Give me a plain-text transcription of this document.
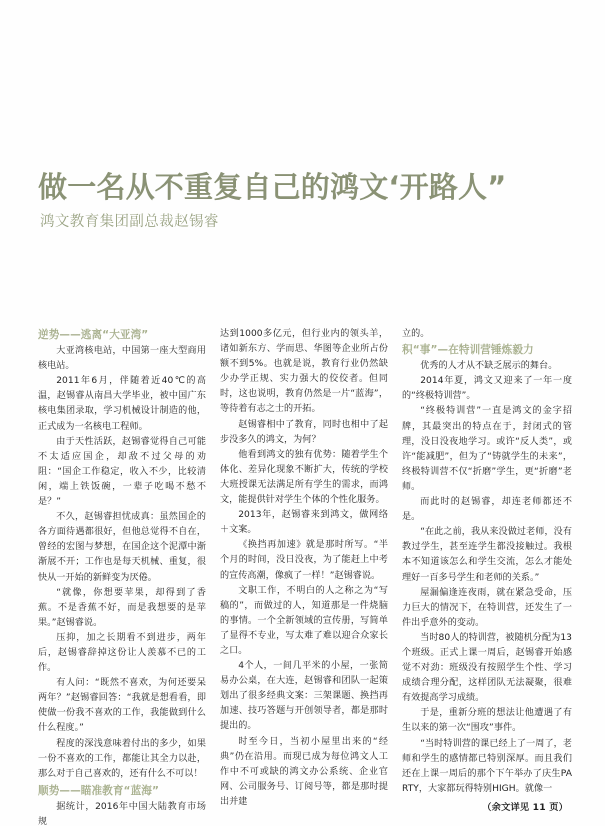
做一名从不重复自己的鸿文‘开路人”
鸿文教育集团副总裁赵锡睿
逆势——逃离“大亚湾”

大亚湾核电站，中国第一座大型商用核电站。

2011年6月，伴随着近40℃的高温，赵锡睿从南昌大学毕业，被中国广东核电集团录取，学习机械设计制造的他，正式成为一名核电工程师。

由于天性活跃，赵锡睿觉得自己可能不太适应国企，却敌不过父母的劝阻：“国企工作稳定，收入不少，比较清闲，端上铁饭碗，一辈子吃喝不愁不是？”

不久，赵锡睿担忧成真：虽然国企的各方面待遇都很好，但他总觉得不自在，曾经的宏图与梦想，在国企这个泥潭中渐渐展不开；工作也是每天机械、重复，很快从一开始的新鲜变为厌倦。

“就像，你想要苹果，却得到了香蕉。不是香蕉不好，而是我想要的是苹果。”赵锡睿说。

压抑，加之长期看不到进步，两年后，赵锡睿辞掉这份让人羡慕不已的工作。

有人问：“既然不喜欢，为何还要呆两年？”赵锡睿回答：“我就是想看看，即使做一份我不喜欢的工作，我能做到什么什么程度。”

程度的深浅意味着付出的多少，如果一份不喜欢的工作，都能让其全力以赴，那么对于自己喜欢的，还有什么不可以！

顺势——瞄准教育“蓝海”

据统计，2016年中国大陆教育市场规

达到1000多亿元，但行业内的领头羊，诸如新东方、学而思、华图等企业所占份额不到5%。也就是说，教育行业仍然缺少办学正规、实力强大的佼佼者。但同时，这也说明，教育仍然是一片“蓝海”，等待着有志之士的开拓。

赵锡睿相中了教育，同时也相中了起步没多久的鸿文，为何？

他看到鸿文的独有优势：随着学生个体化、差异化现象不断扩大，传统的学校大班授课无法满足所有学生的需求，而鸿文，能提供针对学生个体的个性化服务。

2013年，赵锡睿来到鸿文，做网络＋文案。

《换挡再加速》就是那时所写。“半个月的时间，没日没夜，为了能赶上中考的宣传高潮，像疯了一样！”赵锡睿说。

文职工作，不明白的人之称之为“写稿的”，而做过的人，知道那是一件烧脑的事情。一个全新领域的宣传册，写简单了显得不专业，写太难了难以迎合众家长之口。

4个人，一间几平米的小屋，一张简易办公桌，在大连，赵锡睿和团队一起策划出了很多经典文案：三架课题、换挡再加速、技巧答题与开创领导者，都是那时提出的。

时至今日，当初小屋里出来的“经典”仍在沿用。而现已成为每位鸿文人工作中不可或缺的鸿文办公系统、企业官网、公司服务号、订阅号等，都是那时提出并建

立的。

积“事”—在特训营锤炼毅力

优秀的人才从不缺乏展示的舞台。

2014年夏，鸿文又迎来了一年一度的“终极特训营”。

“终极特训营”一直是鸿文的金字招牌，其最突出的特点在于，封闭式的管理，没日没夜地学习。或许“反人类”，或许“能减肥”，但为了“铸就学生的未来”，终极特训营不仅“折磨”学生，更“折磨”老师。

而此时的赵锡睿，却连老师都还不是。

“在此之前，我从来没做过老师，没有教过学生，甚至连学生都没接触过。我根本不知道该怎么和学生交流，怎么才能处理好一百多号学生和老师的关系。”

屋漏偏逢连夜雨，就在紧急受命，压力巨大的情况下，在特训营，还发生了一件出乎意外的变动。

当时80人的特训营，被随机分配为13个班级。正式上课一周后，赵锡睿开始感觉不对劲：班级没有按照学生个性、学习成绩合理分配，这样团队无法凝聚，很难有效提高学习成绩。

于是，重新分班的想法让他遭遇了有生以来的第一次“围攻”事件。

“当时特训营的课已经上了一周了，老师和学生的感情都已特别深厚。而且我们还在上课一周后的那个下午举办了庆生PARTY，大家都玩得特别HIGH。就像一

（余文详见 11 页）
